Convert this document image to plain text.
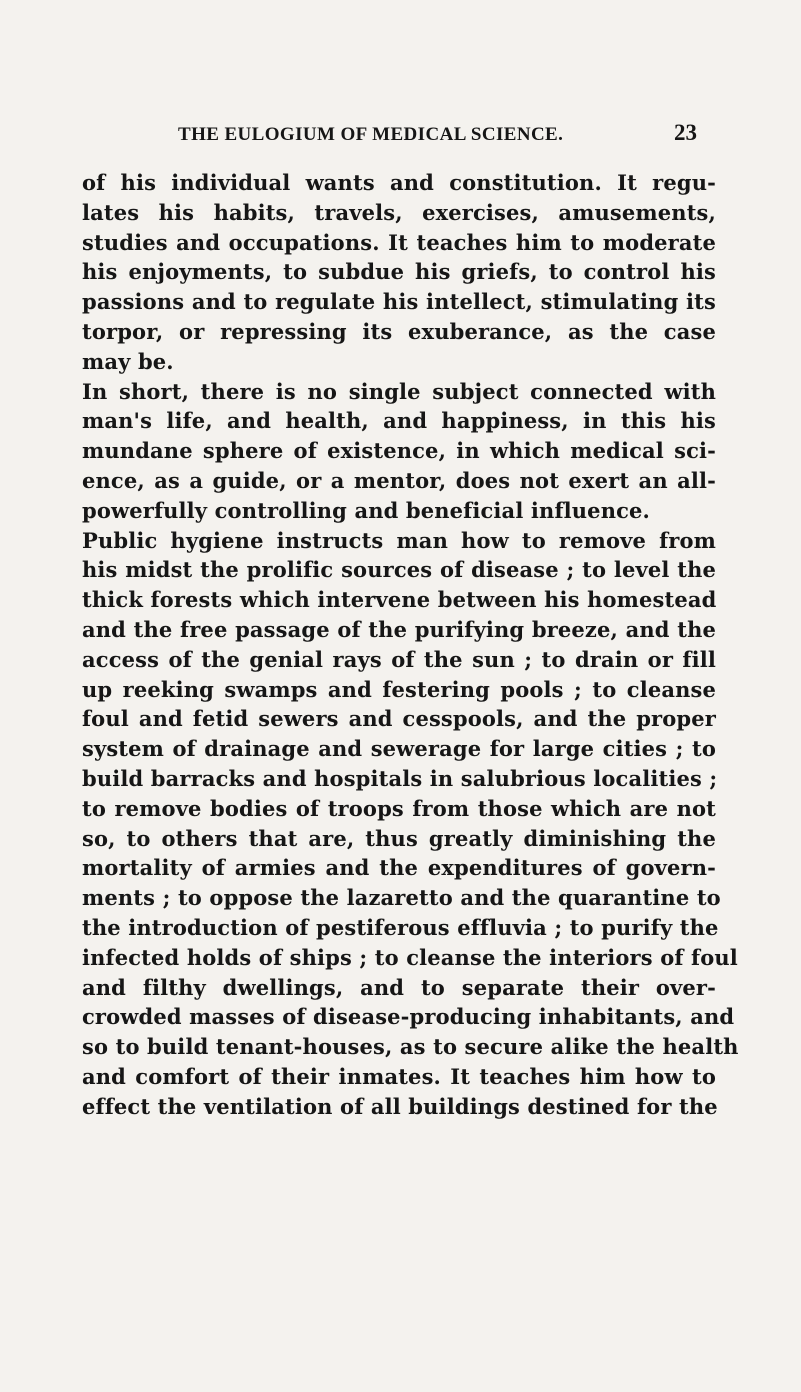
THE EULOGIUM OF MEDICAL SCIENCE.	23
of his individual wants and constitution. It regu-
lates his habits, travels, exercises, amusements,
studies and occupations. It teaches him to moderate
his enjoyments, to subdue his griefs, to control his
passions and to regulate his intellect, stimulating its
torpor, or repressing its exuberance, as the case
may be.
In short, there is no single subject connected with
man's life, and health, and happiness, in this his
mundane sphere of existence, in which medical sci-
ence, as a guide, or a mentor, does not exert an all-
powerfully controlling and beneficial influence.
Public hygiene instructs man how to remove from
his midst the prolific sources of disease ; to level the
thick forests which intervene between his homestead
and the free passage of the purifying breeze, and the
access of the genial rays of the sun ; to drain or fill
up reeking swamps and festering pools ; to cleanse
foul and fetid sewers and cesspools, and the proper
system of drainage and sewerage for large cities ; to
build barracks and hospitals in salubrious localities ;
to remove bodies of troops from those which are not
so, to others that are, thus greatly diminishing the
mortality of armies and the expenditures of govern-
ments ; to oppose the lazaretto and the quarantine to
the introduction of pestiferous effluvia ; to purify the
infected holds of ships ; to cleanse the interiors of foul
and filthy dwellings, and to separate their over-
crowded masses of disease-producing inhabitants, and
so to build tenant-houses, as to secure alike the health
and comfort of their inmates. It teaches him how to
effect the ventilation of all buildings destined for the
